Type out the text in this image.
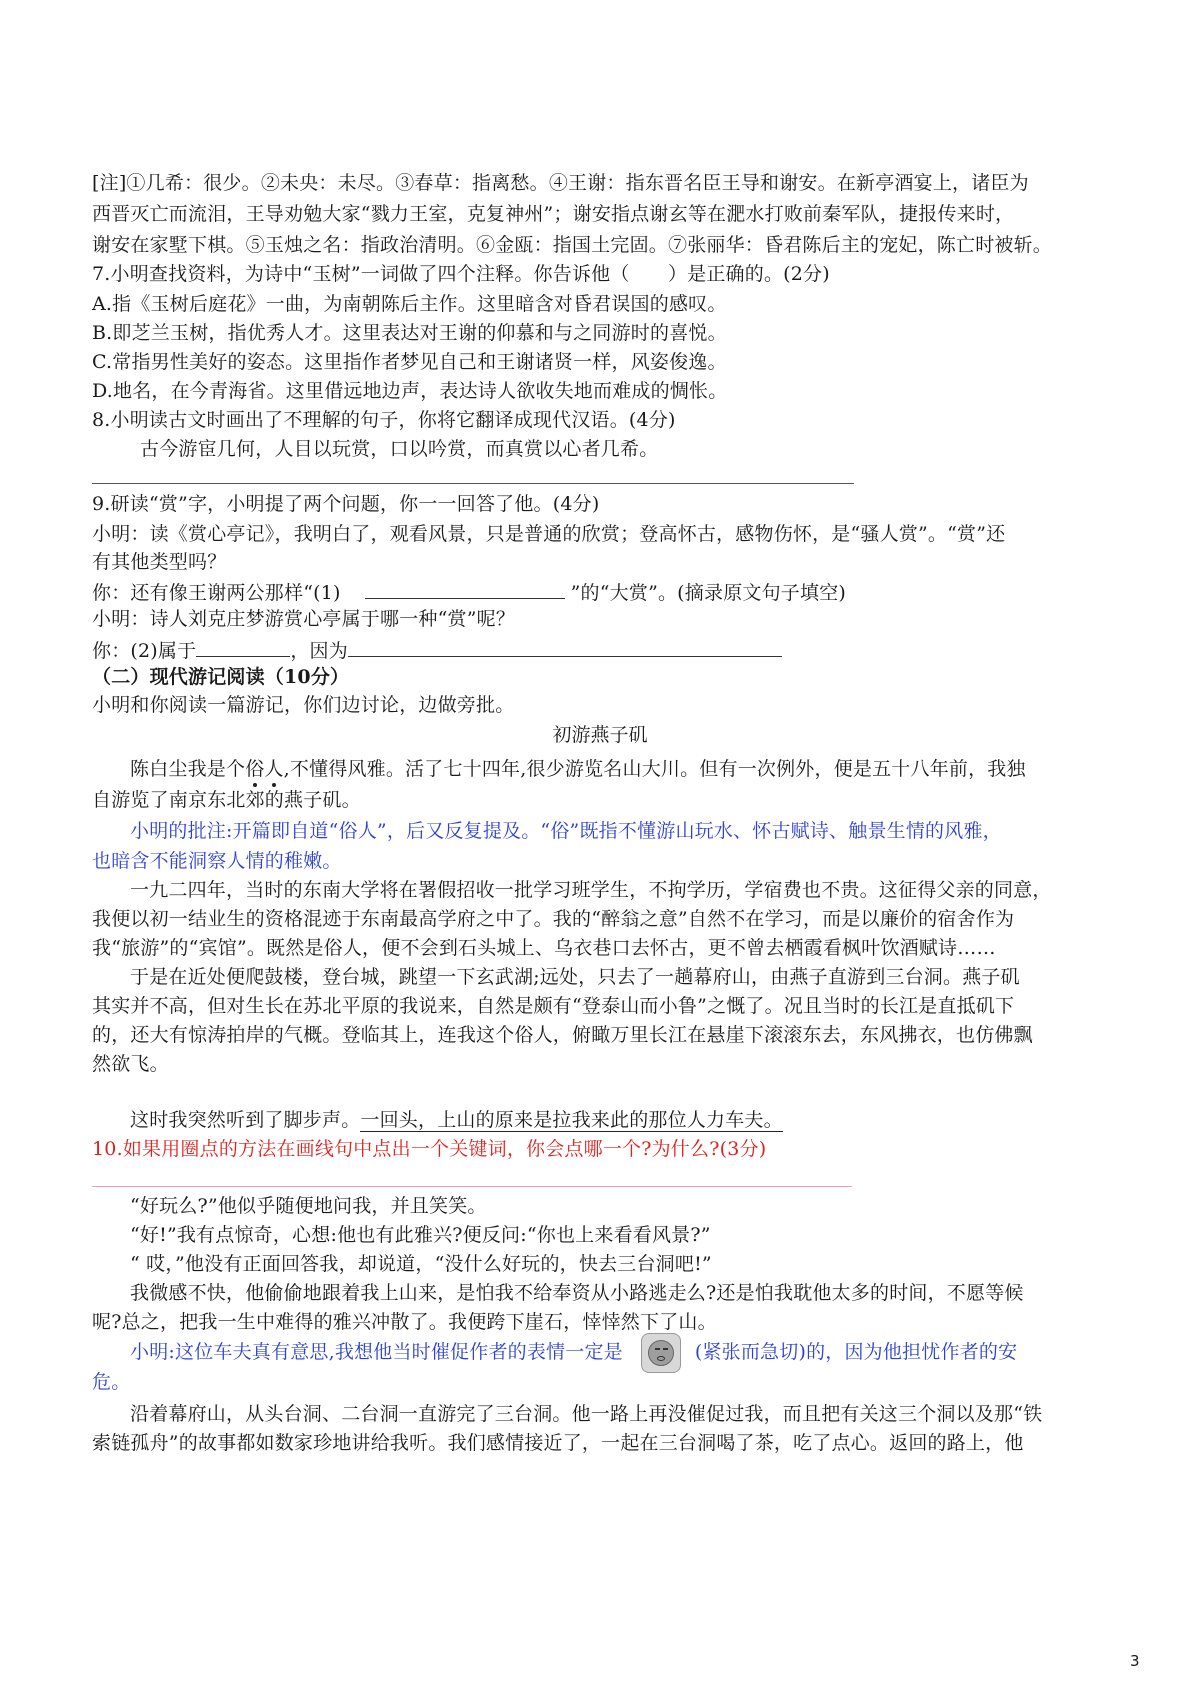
[注]①几希：很少。②未央：未尽。③春草：指离愁。④王谢：指东晋名臣王导和谢安。在新亭酒宴上，诸臣为
西晋灭亡而流泪，王导劝勉大家“戮力王室，克复神州”；谢安指点谢玄等在淝水打败前秦军队，捷报传来时，
谢安在家墅下棋。⑤玉烛之名：指政治清明。⑥金瓯：指国土完固。⑦张丽华：昏君陈后主的宠妃，陈亡时被斩。
7.小明查找资料，为诗中“玉树”一词做了四个注释。你告诉他（　　）是正确的。(2分)
A.指《玉树后庭花》一曲，为南朝陈后主作。这里暗含对昏君误国的感叹。
B.即芝兰玉树，指优秀人才。这里表达对王谢的仰慕和与之同游时的喜悦。
C.常指男性美好的姿态。这里指作者梦见自己和王谢诸贤一样，风姿俊逸。
D.地名，在今青海省。这里借远地边声，表达诗人欲收失地而难成的惆怅。
8.小明读古文时画出了不理解的句子，你将它翻译成现代汉语。(4分)
古今游宦几何，人目以玩赏，口以吟赏，而真赏以心者几希。
9.研读“赏”字，小明提了两个问题，你一一回答了他。(4分)
小明：读《赏心亭记》，我明白了，观看风景，只是普通的欣赏；登高怀古，感物伤怀，是“骚人赏”。“赏”还
有其他类型吗？
你：还有像王谢两公那样“(1)	”的“大赏”。(摘录原文句子填空)
小明：诗人刘克庄梦游赏心亭属于哪一种“赏”呢？
你：(2)属于	，因为
（二）现代游记阅读（10分）
小明和你阅读一篇游记，你们边讨论，边做旁批。
初游燕子矶
陈白尘我是个俗人,不懂得风雅。活了七十四年,很少游览名山大川。但有一次例外，便是五十八年前，我独
自游览了南京东北郊的燕子矶。
小明的批注:开篇即自道“俗人”，后又反复提及。“俗”既指不懂游山玩水、怀古赋诗、触景生情的风雅，
也暗含不能洞察人情的稚嫩。
一九二四年，当时的东南大学将在署假招收一批学习班学生，不拘学历，学宿费也不贵。这征得父亲的同意，
我便以初一结业生的资格混迹于东南最高学府之中了。我的“醉翁之意”自然不在学习，而是以廉价的宿舍作为
我“旅游”的“宾馆”。既然是俗人，便不会到石头城上、乌衣巷口去怀古，更不曾去栖霞看枫叶饮酒赋诗……
于是在近处便爬鼓楼，登台城，跳望一下玄武湖;远处，只去了一趟幕府山，由燕子直游到三台洞。燕子矶
其实并不高，但对生长在苏北平原的我说来，自然是颇有“登泰山而小鲁”之慨了。况且当时的长江是直抵矶下
的，还大有惊涛拍岸的气概。登临其上，连我这个俗人，俯瞰万里长江在悬崖下滚滚东去，东风拂衣，也仿佛飘
然欲飞。
这时我突然听到了脚步声。一回头，上山的原来是拉我来此的那位人力车夫。
10.如果用圈点的方法在画线句中点出一个关键词，你会点哪一个?为什么?(3分)
“好玩么?”他似乎随便地问我，并且笑笑。
“好!”我有点惊奇，心想:他也有此雅兴?便反问:“你也上来看看风景?”
“ 哎，”他没有正面回答我，却说道，“没什么好玩的，快去三台洞吧!”
我微感不快，他偷偷地跟着我上山来，是怕我不给奉资从小路逃走么?还是怕我耽他太多的时间，不愿等候
呢?总之，把我一生中难得的雅兴冲散了。我便跨下崖石，悻悻然下了山。
小明:这位车夫真有意思,我想他当时催促作者的表情一定是	(紧张而急切)的，因为他担忧作者的安
危。
沿着幕府山，从头台洞、二台洞一直游完了三台洞。他一路上再没催促过我，而且把有关这三个洞以及那“铁
索链孤舟”的故事都如数家珍地讲给我听。我们感情接近了，一起在三台洞喝了茶，吃了点心。返回的路上，他
3
